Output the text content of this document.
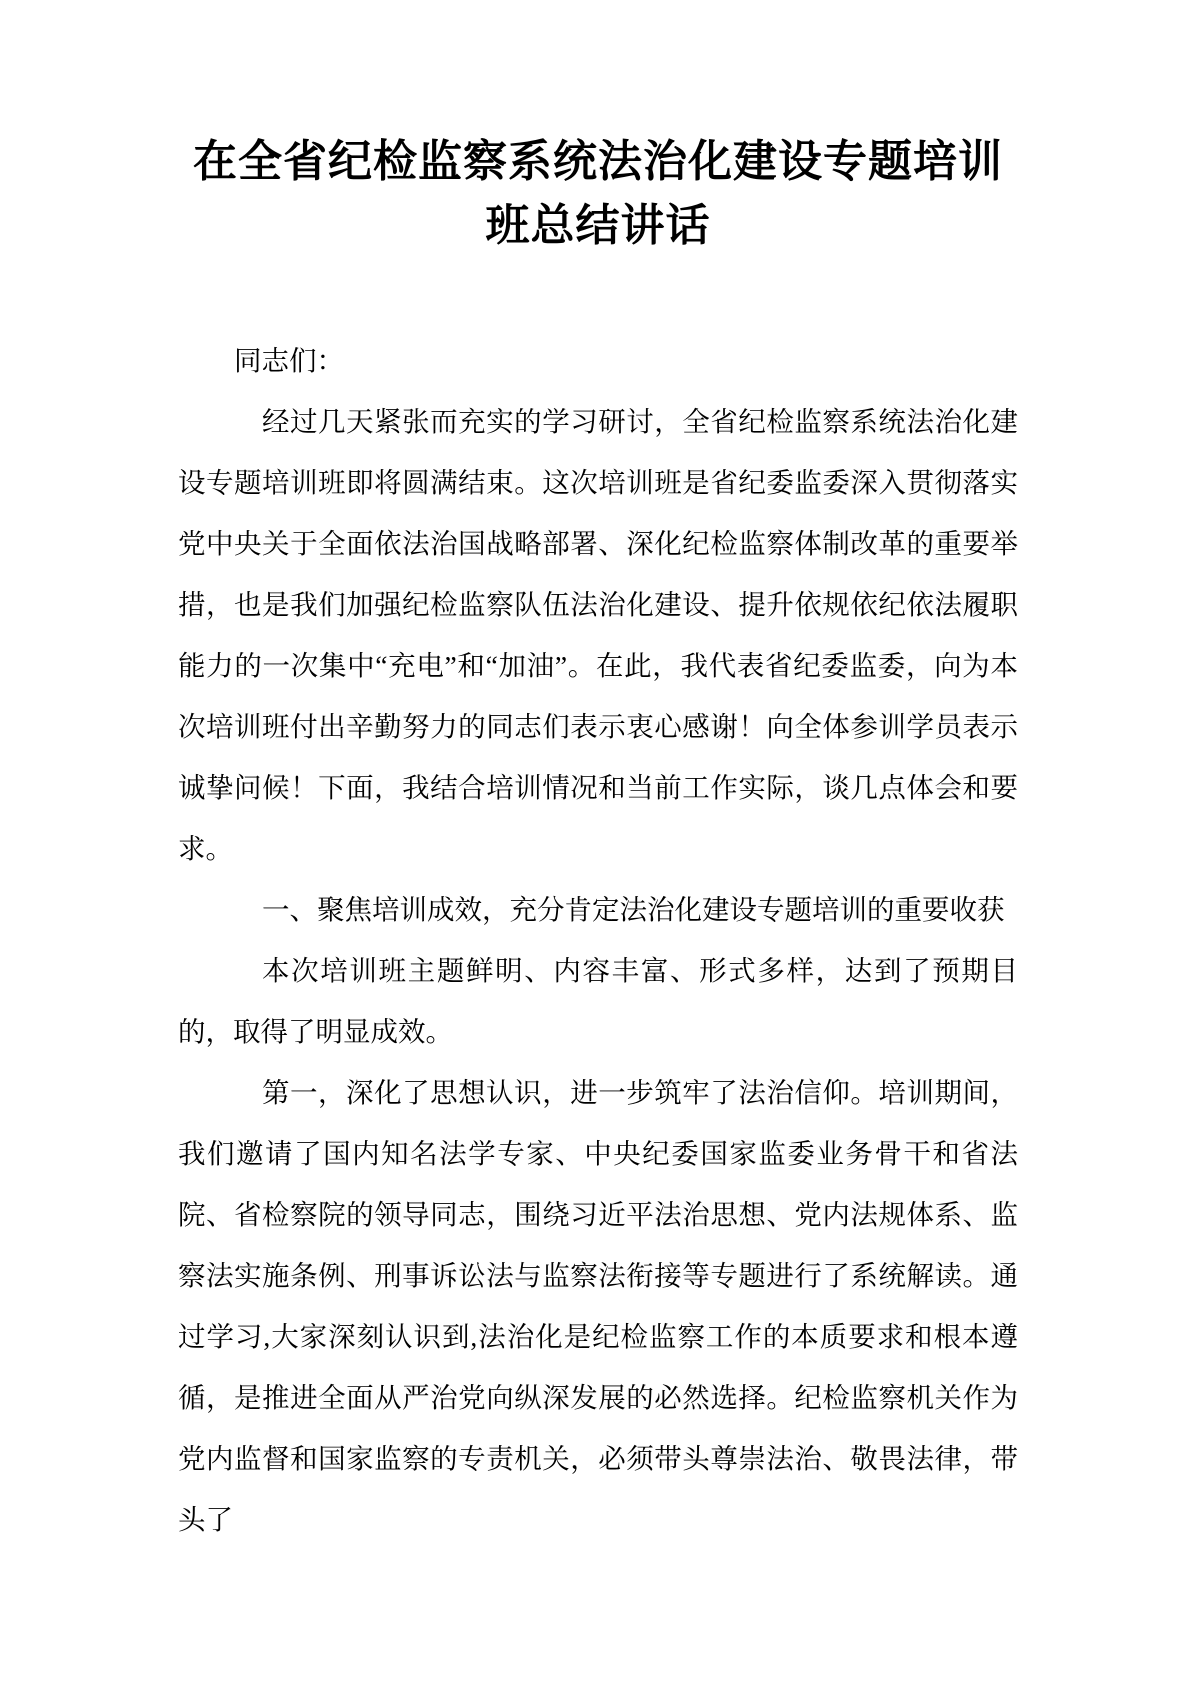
在全省纪检监察系统法治化建设专题培训
班总结讲话

同志们：

经过几天紧张而充实的学习研讨，全省纪检监察系统法治化建设专题培训班即将圆满结束。这次培训班是省纪委监委深入贯彻落实党中央关于全面依法治国战略部署、深化纪检监察体制改革的重要举措，也是我们加强纪检监察队伍法治化建设、提升依规依纪依法履职能力的一次集中“充电”和“加油”。在此，我代表省纪委监委，向为本次培训班付出辛勤努力的同志们表示衷心感谢！向全体参训学员表示诚挚问候！下面，我结合培训情况和当前工作实际，谈几点体会和要求。

一、聚焦培训成效，充分肯定法治化建设专题培训的重要收获

本次培训班主题鲜明、内容丰富、形式多样，达到了预期目的，取得了明显成效。

第一，深化了思想认识，进一步筑牢了法治信仰。培训期间，我们邀请了国内知名法学专家、中央纪委国家监委业务骨干和省法院、省检察院的领导同志，围绕习近平法治思想、党内法规体系、监察法实施条例、刑事诉讼法与监察法衔接等专题进行了系统解读。通过学习,大家深刻认识到,法治化是纪检监察工作的本质要求和根本遵循，是推进全面从严治党向纵深发展的必然选择。纪检监察机关作为党内监督和国家监察的专责机关，必须带头尊崇法治、敬畏法律，带头了
